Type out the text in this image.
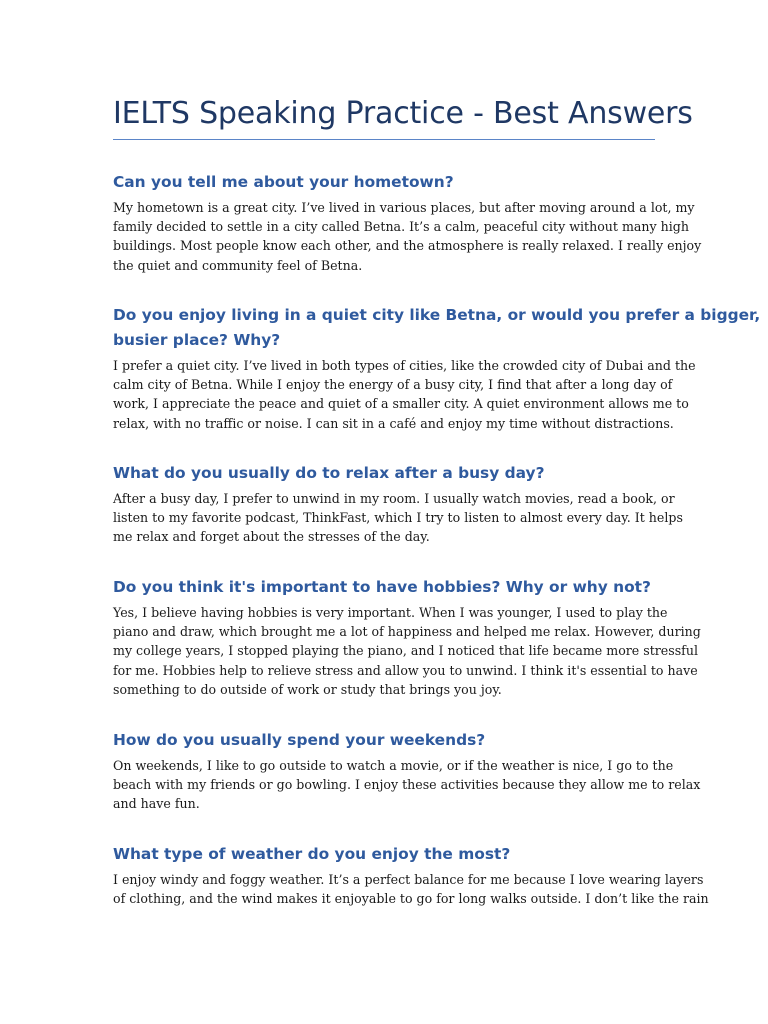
IELTS Speaking Practice - Best Answers
Can you tell me about your hometown?

My hometown is a great city. I’ve lived in various places, but after moving around a lot, my
family decided to settle in a city called Betna. It’s a calm, peaceful city without many high
buildings. Most people know each other, and the atmosphere is really relaxed. I really enjoy
the quiet and community feel of Betna.

Do you enjoy living in a quiet city like Betna, or would you prefer a bigger,
busier place? Why?

I prefer a quiet city. I’ve lived in both types of cities, like the crowded city of Dubai and the
calm city of Betna. While I enjoy the energy of a busy city, I find that after a long day of
work, I appreciate the peace and quiet of a smaller city. A quiet environment allows me to
relax, with no traffic or noise. I can sit in a café and enjoy my time without distractions.

What do you usually do to relax after a busy day?

After a busy day, I prefer to unwind in my room. I usually watch movies, read a book, or
listen to my favorite podcast, ThinkFast, which I try to listen to almost every day. It helps
me relax and forget about the stresses of the day.

Do you think it's important to have hobbies? Why or why not?

Yes, I believe having hobbies is very important. When I was younger, I used to play the
piano and draw, which brought me a lot of happiness and helped me relax. However, during
my college years, I stopped playing the piano, and I noticed that life became more stressful
for me. Hobbies help to relieve stress and allow you to unwind. I think it's essential to have
something to do outside of work or study that brings you joy.

How do you usually spend your weekends?

On weekends, I like to go outside to watch a movie, or if the weather is nice, I go to the
beach with my friends or go bowling. I enjoy these activities because they allow me to relax
and have fun.

What type of weather do you enjoy the most?

I enjoy windy and foggy weather. It’s a perfect balance for me because I love wearing layers
of clothing, and the wind makes it enjoyable to go for long walks outside. I don’t like the rain
